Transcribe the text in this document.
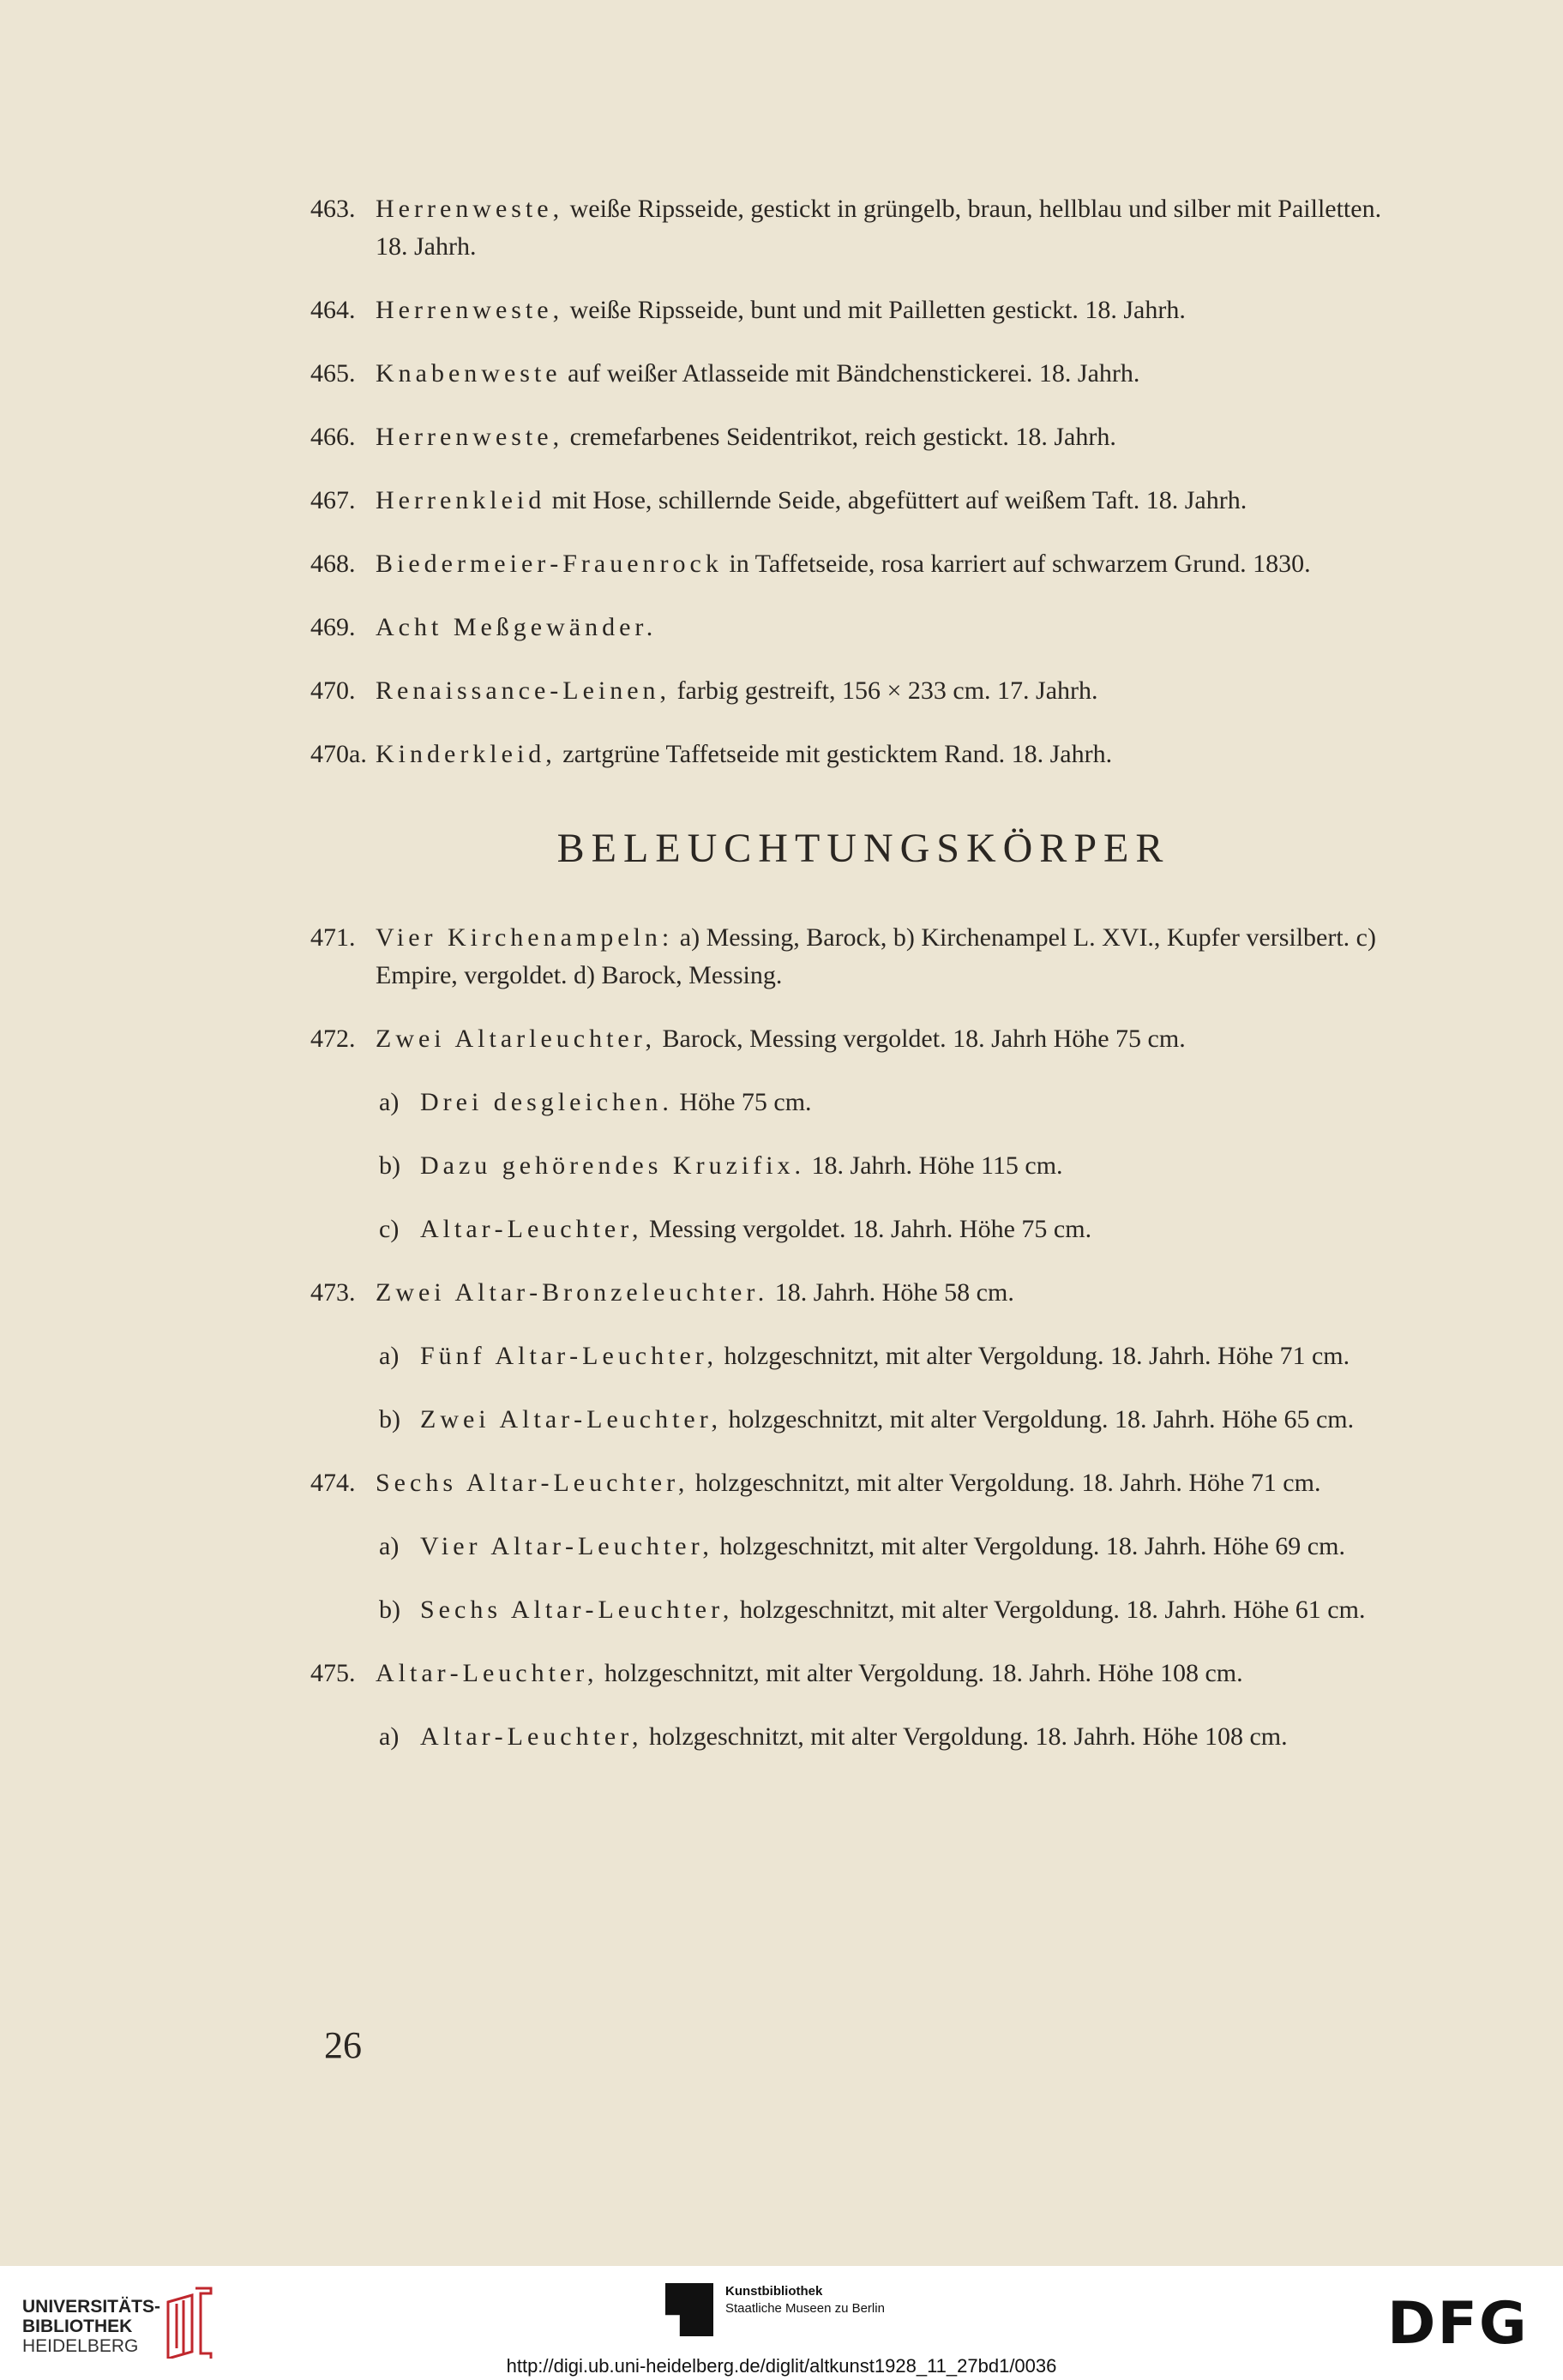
463. Herrenweste, weiße Ripsseide, gestickt in grüngelb, braun, hellblau und silber mit Pailletten. 18. Jahrh.
464. Herrenweste, weiße Ripsseide, bunt und mit Pailletten gestickt. 18. Jahrh.
465. Knabenweste auf weißer Atlasseide mit Bändchenstickerei. 18. Jahrh.
466. Herrenweste, cremefarbenes Seidentrikot, reich gestickt. 18. Jahrh.
467. Herrenkleid mit Hose, schillernde Seide, abgefüttert auf weißem Taft. 18. Jahrh.
468. Biedermeier‑Frauenrock in Taffetseide, rosa karriert auf schwarzem Grund. 1830.
469. Acht Meßgewänder.
470. Renaissance‑Leinen, farbig gestreift, 156 × 233 cm. 17. Jahrh.
470a. Kinderkleid, zartgrüne Taffetseide mit gesticktem Rand. 18. Jahrh.
BELEUCHTUNGSKÖRPER
471. Vier Kirchenampeln: a) Messing, Barock, b) Kirchenampel L. XVI., Kupfer versilbert. c) Empire, vergoldet. d) Barock, Messing.
472. Zwei Altarleuchter, Barock, Messing vergoldet. 18. Jahrh Höhe 75 cm.
a) Drei desgleichen. Höhe 75 cm.
b) Dazu gehörendes Kruzifix. 18. Jahrh. Höhe 115 cm.
c) Altar‑Leuchter, Messing vergoldet. 18. Jahrh. Höhe 75 cm.
473. Zwei Altar‑Bronzeleuchter. 18. Jahrh. Höhe 58 cm.
a) Fünf Altar‑Leuchter, holzgeschnitzt, mit alter Vergoldung. 18. Jahrh. Höhe 71 cm.
b) Zwei Altar‑Leuchter, holzgeschnitzt, mit alter Vergoldung. 18. Jahrh. Höhe 65 cm.
474. Sechs Altar‑Leuchter, holzgeschnitzt, mit alter Vergoldung. 18. Jahrh. Höhe 71 cm.
a) Vier Altar‑Leuchter, holzgeschnitzt, mit alter Vergoldung. 18. Jahrh. Höhe 69 cm.
b) Sechs Altar‑Leuchter, holzgeschnitzt, mit alter Vergoldung. 18. Jahrh. Höhe 61 cm.
475. Altar‑Leuchter, holzgeschnitzt, mit alter Vergoldung. 18. Jahrh. Höhe 108 cm.
a) Altar‑Leuchter, holzgeschnitzt, mit alter Vergoldung. 18. Jahrh. Höhe 108 cm.
26
UNIVERSITÄTS-
BIBLIOTHEK
HEIDELBERG
Kunstbibliothek
Staatliche Museen zu Berlin	DFG
http://digi.ub.uni-heidelberg.de/diglit/altkunst1928_11_27bd1/0036
